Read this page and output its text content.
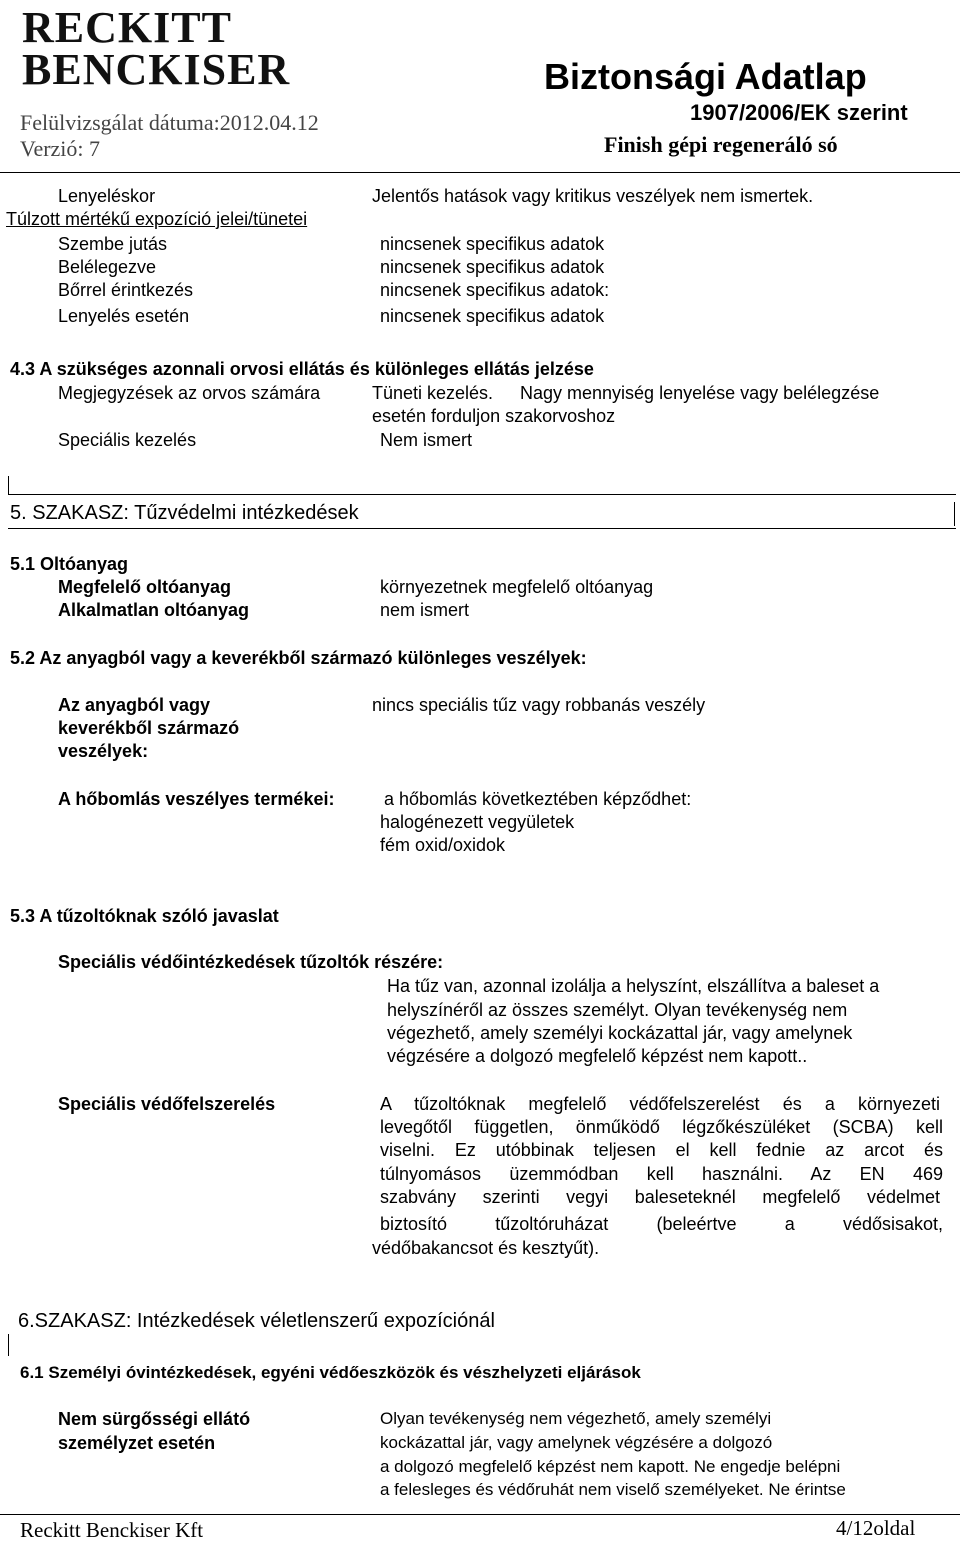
RECKITT
BENCKISER
Felülvizsgálat dátuma:2012.04.12
Verzió: 7
Biztonsági Adatlap
1907/2006/EK szerint
Finish gépi regeneráló só
Lenyeléskor	Jelentős hatások vagy kritikus veszélyek nem ismertek.
Túlzott mértékű expozíció jelei/tünetei
Szembe jutás	nincsenek specifikus adatok
Belélegezve	nincsenek specifikus adatok
Bőrrel érintkezés	nincsenek specifikus adatok:
Lenyelés esetén	nincsenek specifikus adatok
4.3 A szükséges azonnali orvosi ellátás és különleges ellátás jelzése
Megjegyzések az orvos számára	Tüneti kezelés. Nagy mennyiség lenyelése vagy belélegzése
esetén forduljon szakorvoshoz
Speciális kezelés	Nem ismert
5. SZAKASZ: Tűzvédelmi intézkedések
5.1 Oltóanyag
Megfelelő oltóanyag	környezetnek megfelelő oltóanyag
Alkalmatlan oltóanyag	nem ismert
5.2 Az anyagból vagy a keverékből származó különleges veszélyek:
Az anyagból vagy
keverékből származó
veszélyek:
nincs speciális tűz vagy robbanás veszély
A hőbomlás veszélyes termékei:	a hőbomlás következtében képződhet:
halogénezett vegyületek
fém oxid/oxidok
5.3 A tűzoltóknak szóló javaslat
Speciális védőintézkedések tűzoltók részére:
Ha tűz van, azonnal izolálja a helyszínt, elszállítva a baleset a
helyszínéről az összes személyt. Olyan tevékenység nem
végezhető, amely személyi kockázattal jár, vagy amelynek
végzésére a dolgozó megfelelő képzést nem kapott..
Speciális védőfelszerelés	A tűzoltóknak megfelelő védőfelszerelést és a környezeti
levegőtől független, önműködő légzőkészüléket (SCBA) kell
viselni. Ez utóbbinak teljesen el kell fednie az arcot és
túlnyomásos üzemmódban kell használni. Az EN 469
szabvány szerinti vegyi baleseteknél megfelelő védelmet
biztosító tűzoltóruházat (beleértve a védősisakot,
védőbakancsot és kesztyűt).
6.SZAKASZ: Intézkedések véletlenszerű expozíciónál
6.1 Személyi óvintézkedések, egyéni védőeszközök és vészhelyzeti eljárások
Nem sürgősségi ellátó
személyzet esetén
Olyan tevékenység nem végezhető, amely személyi
kockázattal jár, vagy amelynek végzésére a dolgozó
a dolgozó megfelelő képzést nem kapott. Ne engedje belépni
a felesleges és védőruhát nem viselő személyeket. Ne érintse
Reckitt Benckiser Kft	4/12oldal
